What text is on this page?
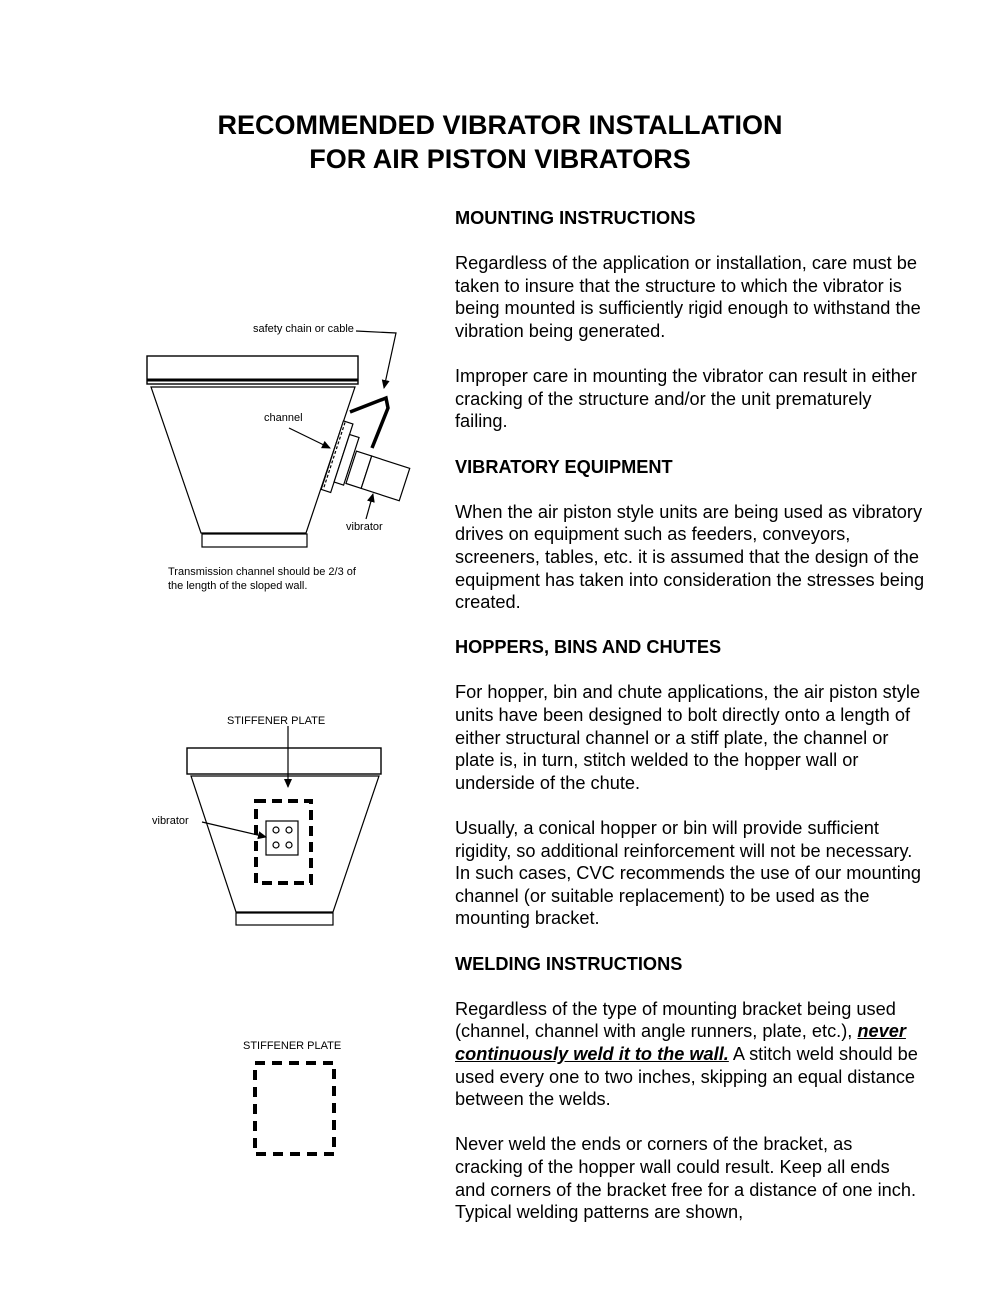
RECOMMENDED VIBRATOR INSTALLATION
FOR AIR PISTON VIBRATORS
safety chain or cable
channel
vibrator
Transmission channel should be 2/3 of
the length of the sloped wall.
STIFFENER PLATE
vibrator
STIFFENER PLATE
MOUNTING INSTRUCTIONS

Regardless of the application or installation, care must be taken to insure that the structure to which the vibrator is being mounted is sufficiently rigid enough to withstand the vibration being generated.

Improper care in mounting the vibrator can result in either cracking of the structure and/or the unit prematurely failing.

VIBRATORY EQUIPMENT

When the air piston style units are being used as vibratory drives on equipment such as feeders, conveyors, screeners, tables, etc. it is assumed that the design of the equipment has taken into consideration the stresses being created.

HOPPERS, BINS AND CHUTES

For hopper, bin and chute applications, the air piston style units have been designed to bolt directly onto a length of either structural channel or a stiff plate, the channel or plate is, in turn, stitch welded to the hopper wall or underside of the chute.

Usually, a conical hopper or bin will provide sufficient rigidity, so additional reinforcement will not be necessary. In such cases, CVC recommends the use of our mounting channel (or suitable replacement) to be used as the mounting bracket.

WELDING INSTRUCTIONS

Regardless of the type of mounting bracket being used (channel, channel with angle runners, plate, etc.), never continuously weld it to the wall. A stitch weld should be used every one to two inches, skipping an equal distance between the welds.

Never weld the ends or corners of the bracket, as cracking of the hopper wall could result. Keep all ends and corners of the bracket free for a distance of one inch. Typical welding patterns are shown,
